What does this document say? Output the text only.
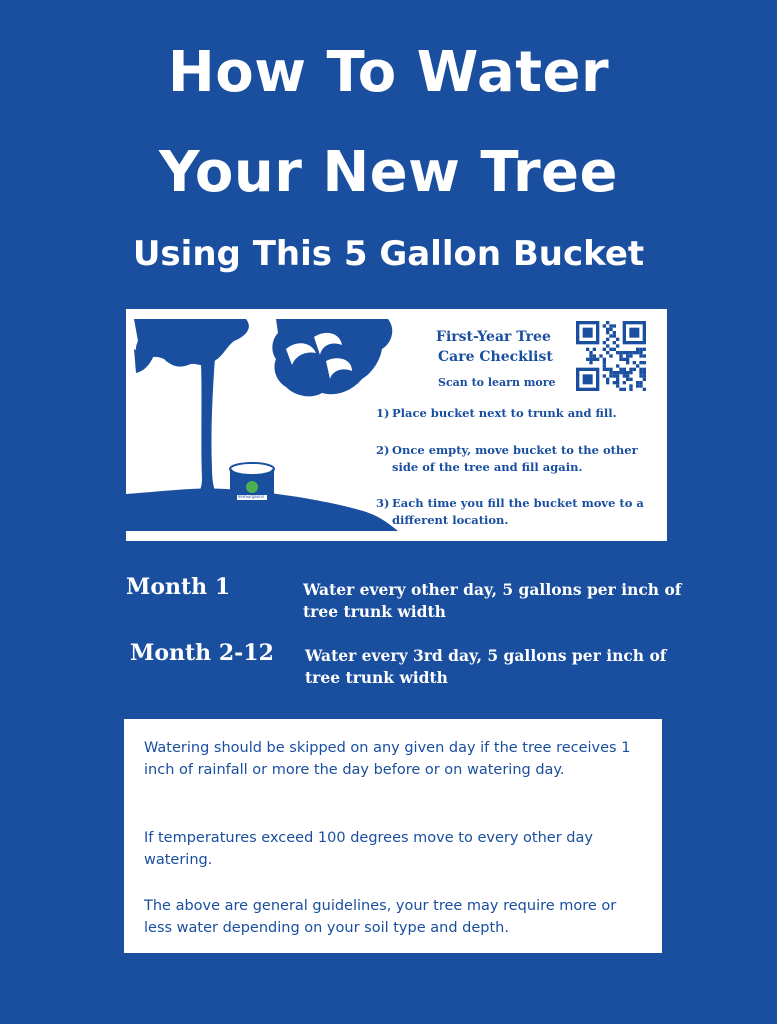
How To Water
Your New Tree
Using This 5 Gallon Bucket
TreeSurgeons
First-Year Tree
Care Checklist
Scan to learn more
1) Place bucket next to trunk and fill.
2) Once empty, move bucket to the other side of the tree and fill again.
3) Each time you fill the bucket move to a different location.
Month 1	Water every other day, 5 gallons per inch of tree trunk width
Month 2-12 Water every 3rd day, 5 gallons per inch of tree trunk width

Watering should be skipped on any given day if the tree receives 1 inch of rainfall or more the day before or on watering day.

If temperatures exceed 100 degrees move to every other day watering.

The above are general guidelines, your tree may require more or less water depending on your soil type and depth.
